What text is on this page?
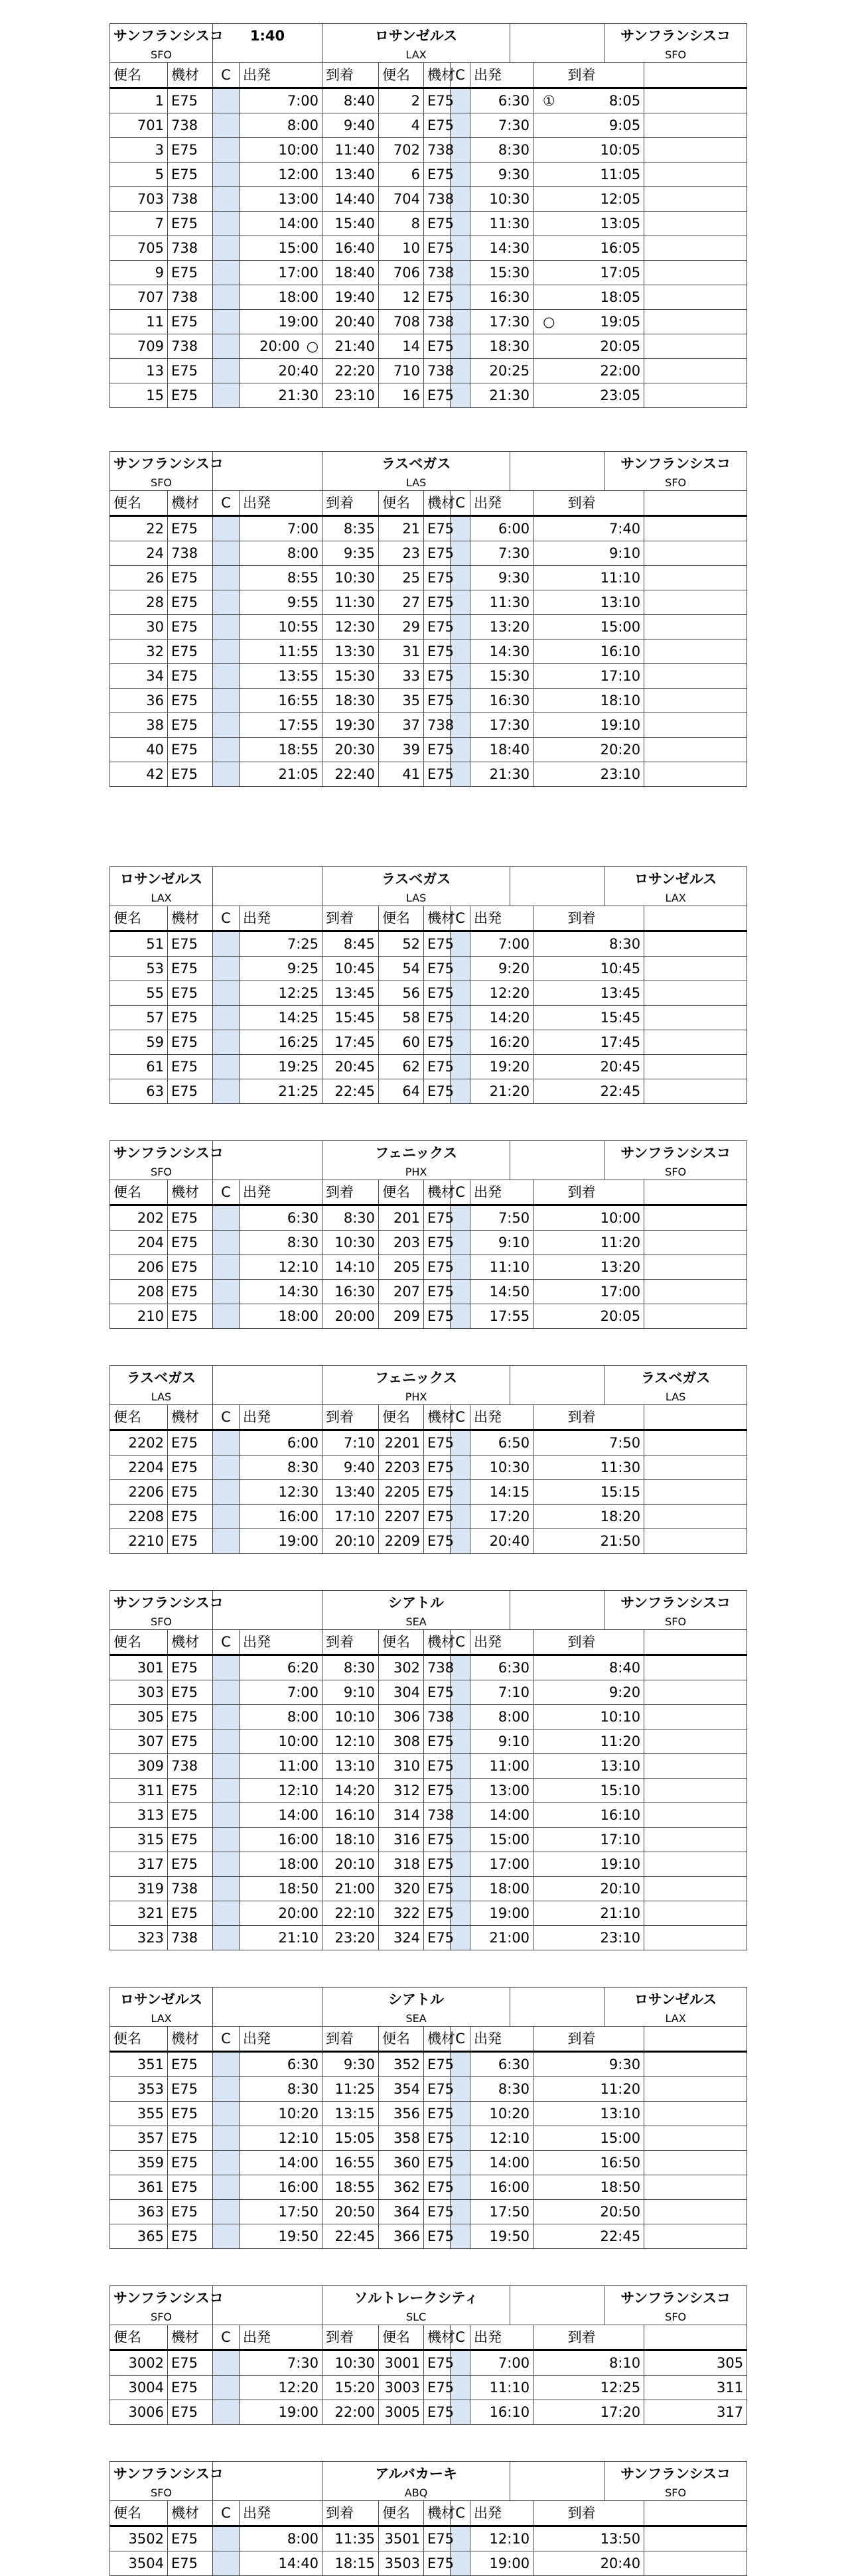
サンフランシスコ		1:40		ロサンゼルス								サンフランシスコ	
SFO				LAX								SFO	
便名	機材	C	出発	到着	便名	機材	C	出発			到着		
1	E75		7:00	8:40	2	E75		6:30		①	8:05		
701	738		8:00	9:40	4	E75		7:30			9:05		
3	E75		10:00	11:40	702	738		8:30			10:05		
5	E75		12:00	13:40	6	E75		9:30			11:05		
703	738		13:00	14:40	704	738		10:30			12:05		
7	E75		14:00	15:40	8	E75		11:30			13:05		
705	738		15:00	16:40	10	E75		14:30			16:05		
9	E75		17:00	18:40	706	738		15:30			17:05		
707	738		18:00	19:40	12	E75		16:30			18:05		
11	E75		19:00	20:40	708	738		17:30		○	19:05		
709	738		20:00 ○	21:40	14	E75		18:30			20:05		
13	E75		20:40	22:20	710	738		20:25			22:00		
15	E75		21:30	23:10	16	E75		21:30			23:05		
サンフランシスコ				ラスベガス								サンフランシスコ	
SFO				LAS								SFO	
便名	機材	C	出発	到着	便名	機材	C	出発			到着		
22	E75		7:00	8:35	21	E75		6:00			7:40		
24	738		8:00	9:35	23	E75		7:30			9:10		
26	E75		8:55	10:30	25	E75		9:30			11:10		
28	E75		9:55	11:30	27	E75		11:30			13:10		
30	E75		10:55	12:30	29	E75		13:20			15:00		
32	E75		11:55	13:30	31	E75		14:30			16:10		
34	E75		13:55	15:30	33	E75		15:30			17:10		
36	E75		16:55	18:30	35	E75		16:30			18:10		
38	E75		17:55	19:30	37	738		17:30			19:10		
40	E75		18:55	20:30	39	E75		18:40			20:20		
42	E75		21:05	22:40	41	E75		21:30			23:10		
ロサンゼルス				ラスベガス								ロサンゼルス	
LAX				LAS								LAX	
便名	機材	C	出発	到着	便名	機材	C	出発			到着		
51	E75		7:25	8:45	52	E75		7:00			8:30		
53	E75		9:25	10:45	54	E75		9:20			10:45		
55	E75		12:25	13:45	56	E75		12:20			13:45		
57	E75		14:25	15:45	58	E75		14:20			15:45		
59	E75		16:25	17:45	60	E75		16:20			17:45		
61	E75		19:25	20:45	62	E75		19:20			20:45		
63	E75		21:25	22:45	64	E75		21:20			22:45		
サンフランシスコ				フェニックス								サンフランシスコ	
SFO				PHX								SFO	
便名	機材	C	出発	到着	便名	機材	C	出発			到着		
202	E75		6:30	8:30	201	E75		7:50			10:00		
204	E75		8:30	10:30	203	E75		9:10			11:20		
206	E75		12:10	14:10	205	E75		11:10			13:20		
208	E75		14:30	16:30	207	E75		14:50			17:00		
210	E75		18:00	20:00	209	E75		17:55			20:05		
ラスベガス				フェニックス								ラスベガス	
LAS				PHX								LAS	
便名	機材	C	出発	到着	便名	機材	C	出発			到着		
2202	E75		6:00	7:10	2201	E75		6:50			7:50		
2204	E75		8:30	9:40	2203	E75		10:30			11:30		
2206	E75		12:30	13:40	2205	E75		14:15			15:15		
2208	E75		16:00	17:10	2207	E75		17:20			18:20		
2210	E75		19:00	20:10	2209	E75		20:40			21:50		
サンフランシスコ				シアトル								サンフランシスコ	
SFO				SEA								SFO	
便名	機材	C	出発	到着	便名	機材	C	出発			到着		
301	E75		6:20	8:30	302	738		6:30			8:40		
303	E75		7:00	9:10	304	E75		7:10			9:20		
305	E75		8:00	10:10	306	738		8:00			10:10		
307	E75		10:00	12:10	308	E75		9:10			11:20		
309	738		11:00	13:10	310	E75		11:00			13:10		
311	E75		12:10	14:20	312	E75		13:00			15:10		
313	E75		14:00	16:10	314	738		14:00			16:10		
315	E75		16:00	18:10	316	E75		15:00			17:10		
317	E75		18:00	20:10	318	E75		17:00			19:10		
319	738		18:50	21:00	320	E75		18:00			20:10		
321	E75		20:00	22:10	322	E75		19:00			21:10		
323	738		21:10	23:20	324	E75		21:00			23:10		
ロサンゼルス				シアトル								ロサンゼルス	
LAX				SEA								LAX	
便名	機材	C	出発	到着	便名	機材	C	出発			到着		
351	E75		6:30	9:30	352	E75		6:30			9:30		
353	E75		8:30	11:25	354	E75		8:30			11:20		
355	E75		10:20	13:15	356	E75		10:20			13:10		
357	E75		12:10	15:05	358	E75		12:10			15:00		
359	E75		14:00	16:55	360	E75		14:00			16:50		
361	E75		16:00	18:55	362	E75		16:00			18:50		
363	E75		17:50	20:50	364	E75		17:50			20:50		
365	E75		19:50	22:45	366	E75		19:50			22:45		
サンフランシスコ				ソルトレークシティ								サンフランシスコ	
SFO				SLC								SFO	
便名	機材	C	出発	到着	便名	機材	C	出発			到着		
3002	E75		7:30	10:30	3001	E75		7:00			8:10		305
3004	E75		12:20	15:20	3003	E75		11:10			12:25		311
3006	E75		19:00	22:00	3005	E75		16:10			17:20		317
サンフランシスコ				アルバカーキ								サンフランシスコ	
SFO				ABQ								SFO	
便名	機材	C	出発	到着	便名	機材	C	出発			到着		
3502	E75		8:00	11:35	3501	E75		12:10			13:50		
3504	E75		14:40	18:15	3503	E75		19:00			20:40		
